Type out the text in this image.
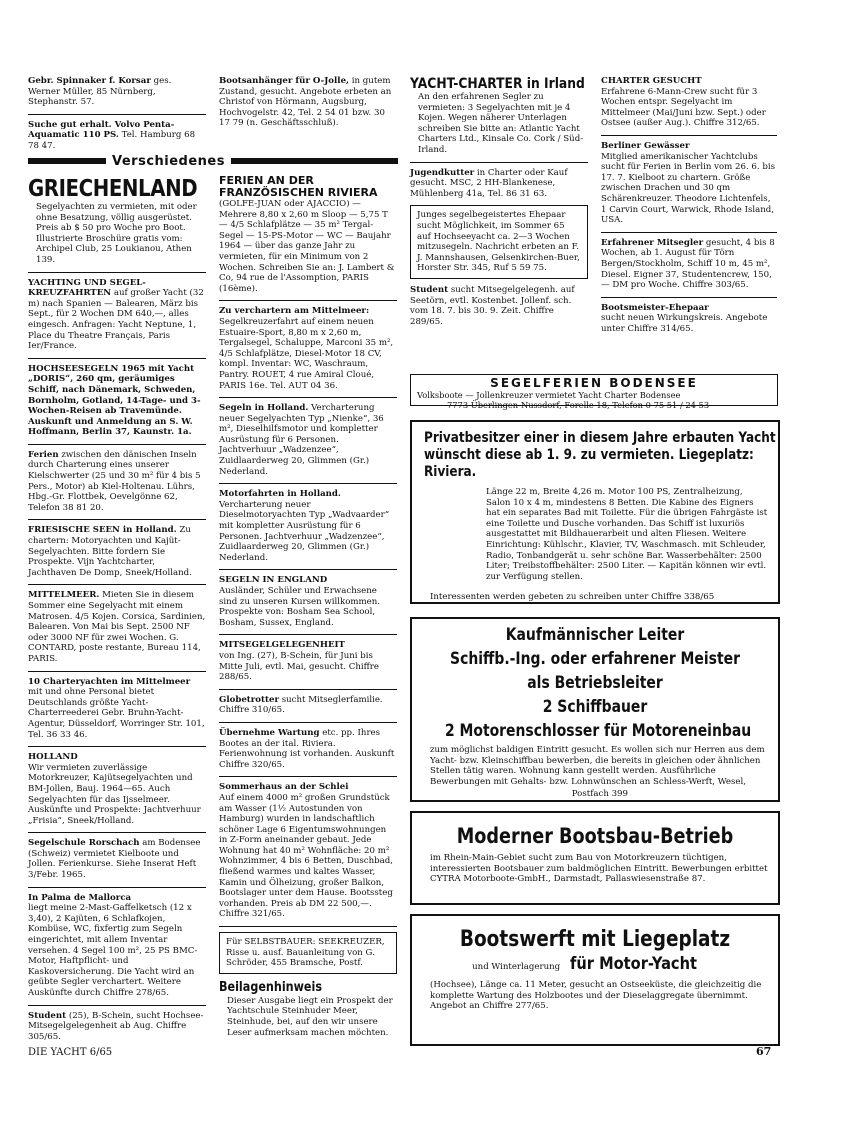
Gebr. Spinnaker f. Korsar ges. Werner Müller, 85 Nürnberg, Stephanstr. 57.
Suche gut erhalt. Volvo Penta-Aquamatic 110 PS. Tel. Hamburg 68 78 47.
Bootsanhänger für O-Jolle, in gutem Zustand, gesucht. Angebote erbeten an Christof von Hörmann, Augsburg, Hochvogelstr. 42, Tel. 2 54 01 bzw. 30 17 79 (n. Geschäftsschluß).
Verschiedenes
GRIECHENLAND
Segelyachten zu vermieten, mit oder ohne Besatzung, völlig ausgerüstet. Preis ab $ 50 pro Woche pro Boot. Illustrierte Broschüre gratis vom: Archipel Club, 25 Loukianou, Athen 139.
YACHTING UND SEGEL-KREUZFAHRTEN auf großer Yacht (32 m) nach Spanien — Balearen, März bis Sept., für 2 Wochen DM 640,—, alles eingesch. Anfragen: Yacht Neptune, 1, Place du Theatre Français, Paris Ier/France.
HOCHSEESEGELN 1965 mit Yacht „DORIS“, 260 qm, geräumiges Schiff, nach Dänemark, Schweden, Bornholm, Gotland, 14-Tage- und 3-Wochen-Reisen ab Travemünde. Auskunft und Anmeldung an S. W. Hoffmann, Berlin 37, Kaunstr. 1a.
Ferien zwischen den dänischen Inseln durch Charterung eines unserer Kielschwerter (25 und 30 m² für 4 bis 5 Pers., Motor) ab Kiel-Holtenau. Lührs, Hbg.-Gr. Flottbek, Oevelgönne 62, Telefon 38 81 20.
FRIESISCHE SEEN in Holland. Zu chartern: Motoryachten und Kajüt-Segelyachten. Bitte fordern Sie Prospekte. Vijn Yachtcharter, Jachthaven De Domp, Sneek/Holland.
MITTELMEER. Mieten Sie in diesem Sommer eine Segelyacht mit einem Matrosen. 4/5 Kojen. Corsica, Sardinien, Balearen. Von Mai bis Sept. 2500 NF oder 3000 NF für zwei Wochen. G. CONTARD, poste restante, Bureau 114, PARIS.
10 Charteryachten im Mittelmeer mit und ohne Personal bietet Deutschlands größte Yacht-Charterreederei Gebr. Bruhn-Yacht-Agentur, Düsseldorf, Worringer Str. 101, Tel. 36 33 46.
HOLLAND
Wir vermieten zuverlässige Motorkreuzer, Kajütsegelyachten und BM-Jollen, Bauj. 1964—65. Auch Segelyachten für das Ijsselmeer. Auskünfte und Prospekte: Jachtverhuur „Frisia“, Sneek/Holland.
Segelschule Rorschach am Bodensee (Schweiz) vermietet Kielboote und Jollen. Ferienkurse. Siehe Inserat Heft 3/Febr. 1965.
In Palma de Mallorca
liegt meine 2-Mast-Gaffelketsch (12 x 3,40), 2 Kajüten, 6 Schlafkojen, Kombüse, WC, fixfertig zum Segeln eingerichtet, mit allem Inventar versehen. 4 Segel 100 m², 25 PS BMC-Motor, Haftpflicht- und Kaskoversicherung. Die Yacht wird an geübte Segler verchartert. Weitere Auskünfte durch Chiffre 278/65.
Student (25), B-Schein, sucht Hochsee-Mitsegelgelegenheit ab Aug. Chiffre 305/65.
FERIEN AN DER FRANZÖSISCHEN RIVIERA
(GOLFE-JUAN oder AJACCIO) — Mehrere 8,80 x 2,60 m Sloop — 5,75 T — 4/5 Schlafplätze — 35 m² Tergal-Segel — 15-PS-Motor — WC — Baujahr 1964 — über das ganze Jahr zu vermieten, für ein Minimum von 2 Wochen. Schreiben Sie an: J. Lambert & Co, 94 rue de l'Assomption, PARIS (16ème).
Zu verchartern am Mittelmeer:
Segelkreuzerfahrt auf einem neuen Estuaire-Sport, 8,80 m x 2,60 m, Tergalsegel, Schaluppe, Marconi 35 m², 4/5 Schlafplätze, Diesel-Motor 18 CV, kompl. Inventar: WC, Waschraum, Pantry. ROUET, 4 rue Amiral Cloué, PARIS 16e. Tel. AUT 04 36.
Segeln in Holland. Vercharterung neuer Segelyachten Typ „Nienke“, 36 m², Dieselhilfsmotor und kompletter Ausrüstung für 6 Personen. Jachtverhuur „Wadzenzee“, Zuidlaarderweg 20, Glimmen (Gr.) Nederland.
Motorfahrten in Holland. Vercharterung neuer Dieselmotoryachten Typ „Wadvaarder“ mit kompletter Ausrüstung für 6 Personen. Jachtverhuur „Wadzenzee“, Zuidlaarderweg 20, Glimmen (Gr.) Nederland.
SEGELN IN ENGLAND
Ausländer, Schüler und Erwachsene sind zu unseren Kursen willkommen. Prospekte von: Bosham Sea School, Bosham, Sussex, England.
MITSEGELGELEGENHEIT
von Ing. (27), B-Schein, für Juni bis Mitte Juli, evtl. Mai, gesucht. Chiffre 288/65.
Globetrotter sucht Mitseglerfamilie. Chiffre 310/65.
Übernehme Wartung etc. pp. Ihres Bootes an der ital. Riviera. Ferienwohnung ist vorhanden. Auskunft Chiffre 320/65.
Sommerhaus an der Schlei
Auf einem 4000 m² großen Grundstück am Wasser (1½ Autostunden von Hamburg) wurden in landschaftlich schöner Lage 6 Eigentumswohnungen in Z-Form aneinander gebaut. Jede Wohnung hat 40 m² Wohnfläche: 20 m² Wohnzimmer, 4 bis 6 Betten, Duschbad, fließend warmes und kaltes Wasser, Kamin und Ölheizung, großer Balkon, Bootslager unter dem Hause. Bootssteg vorhanden. Preis ab DM 22 500,—. Chiffre 321/65.
Für SELBSTBAUER: SEEKREUZER, Risse u. ausf. Bauanleitung von G. Schröder, 455 Bramsche, Postf.
Beilagenhinweis
Dieser Ausgabe liegt ein Prospekt der Yachtschule Steinhuder Meer, Steinhude, bei, auf den wir unsere Leser aufmerksam machen möchten.
YACHT-CHARTER in Irland
An den erfahrenen Segler zu vermieten: 3 Segelyachten mit je 4 Kojen. Wegen näherer Unterlagen schreiben Sie bitte an: Atlantic Yacht Charters Ltd., Kinsale Co. Cork / Süd-Irland.
Jugendkutter in Charter oder Kauf gesucht. MSC, 2 HH-Blankenese, Mühlenberg 41a, Tel. 86 31 63.
Junges segelbegeistertes Ehepaar sucht Möglichkeit, im Sommer 65 auf Hochseeyacht ca. 2—3 Wochen mitzusegeln. Nachricht erbeten an F. J. Mannshausen, Gelsenkirchen-Buer, Horster Str. 345, Ruf 5 59 75.
Student sucht Mitsegelgelegenh. auf Seetörn, evtl. Kostenbet. Jollenf. sch. vom 18. 7. bis 30. 9. Zeit. Chiffre 289/65.
CHARTER GESUCHT
Erfahrene 6-Mann-Crew sucht für 3 Wochen entspr. Segelyacht im Mittelmeer (Mai/Juni bzw. Sept.) oder Ostsee (außer Aug.). Chiffre 312/65.
Berliner Gewässer
Mitglied amerikanischer Yachtclubs sucht für Ferien in Berlin vom 26. 6. bis 17. 7. Kielboot zu chartern. Größe zwischen Drachen und 30 qm Schärenkreuzer. Theodore Lichtenfels, 1 Carvin Court, Warwick, Rhode Island, USA.
Erfahrener Mitsegler gesucht, 4 bis 8 Wochen, ab 1. August für Törn Bergen/Stockholm, Schiff 10 m, 45 m², Diesel. Eigner 37, Studentencrew, 150,— DM pro Woche. Chiffre 303/65.
Bootsmeister-Ehepaar
sucht neuen Wirkungskreis. Angebote unter Chiffre 314/65.
SEGELFERIEN BODENSEE
Volksboote — Jollenkreuzer vermietet Yacht Charter Bodensee
7773 Überlingen-Nussdorf, Forelle 18, Telefon 0 75 51 / 24 53
Privatbesitzer einer in diesem Jahre erbauten Yacht wünscht diese ab 1. 9. zu vermieten. Liegeplatz: Riviera.
Länge 22 m, Breite 4,26 m. Motor 100 PS, Zentralheizung, Salon 10 x 4 m, mindestens 8 Betten. Die Kabine des Eigners hat ein separates Bad mit Toilette. Für die übrigen Fahrgäste ist eine Toilette und Dusche vorhanden. Das Schiff ist luxuriös ausgestattet mit Bildhauerarbeit und alten Fliesen. Weitere Einrichtung: Kühlschr., Klavier, TV, Waschmasch. mit Schleuder, Radio, Tonbandgerät u. sehr schöne Bar. Wasserbehälter: 2500 Liter; Treibstoffbehälter: 2500 Liter. — Kapitän können wir evtl. zur Verfügung stellen.
Interessenten werden gebeten zu schreiben unter Chiffre 338/65
Kaufmännischer Leiter
Schiffb.-Ing. oder erfahrener Meister
als Betriebsleiter
2 Schiffbauer
2 Motorenschlosser für Motoreneinbau
zum möglichst baldigen Eintritt gesucht. Es wollen sich nur Herren aus dem Yacht- bzw. Kleinschiffbau bewerben, die bereits in gleichen oder ähnlichen Stellen tätig waren. Wohnung kann gestellt werden. Ausführliche Bewerbungen mit Gehalts- bzw. Lohnwünschen an Schless-Werft, Wesel,
Postfach 399
Moderner Bootsbau-Betrieb
im Rhein-Main-Gebiet sucht zum Bau von Motorkreuzern tüchtigen, interessierten Bootsbauer zum baldmöglichen Eintritt. Bewerbungen erbittet CYTRA Motorboote-GmbH., Darmstadt, Pallaswiesenstraße 87.
Bootswerft mit Liegeplatz
und Winterlagerung für Motor-Yacht
(Hochsee), Länge ca. 11 Meter, gesucht an Ostseeküste, die gleichzeitig die komplette Wartung des Holzbootes und der Dieselaggregate übernimmt. Angebot an Chiffre 277/65.
DIE YACHT 6/65	67
